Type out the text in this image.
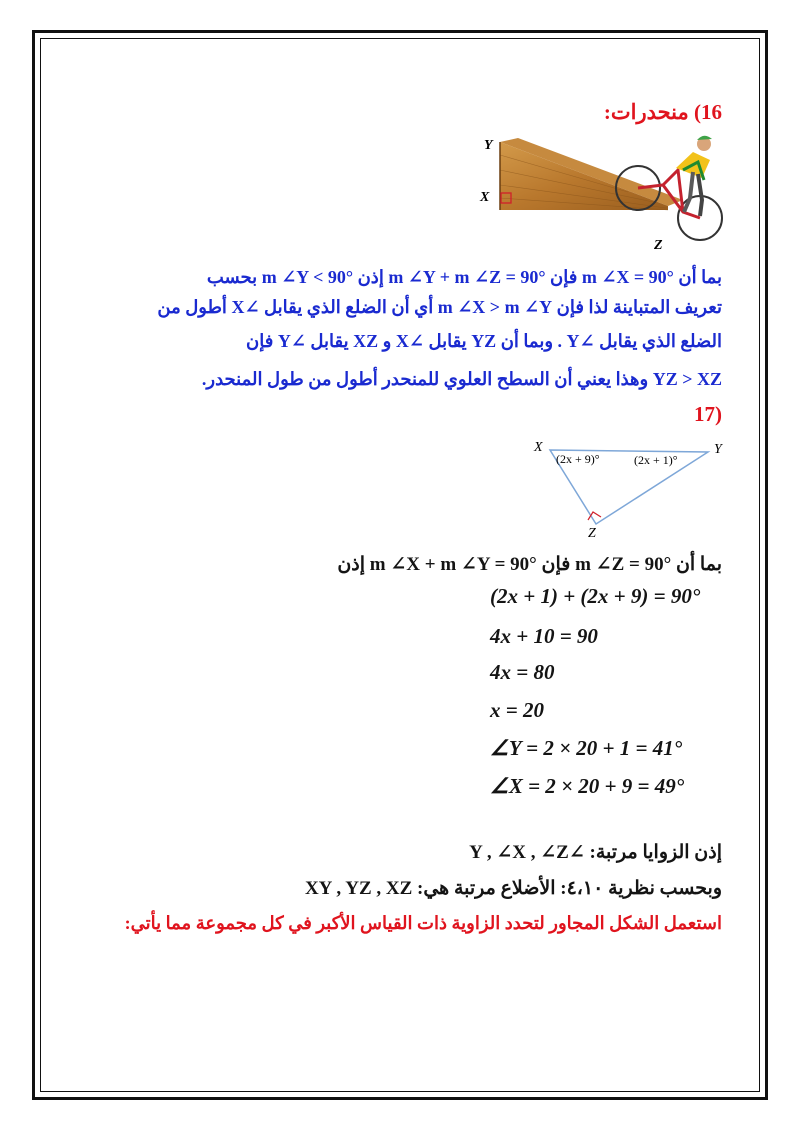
16) منحدرات:
Y
X
Z
بما أن m ∠X = 90° فإن m ∠Y + m ∠Z = 90° إذن m ∠Y < 90° بحسب
تعريف المتباينة لذا فإن m ∠X > m ∠Y أي أن الضلع الذي يقابل ∠X أطول من
الضلع الذي يقابل ∠Y . وبما أن YZ يقابل ∠X و XZ يقابل ∠Y فإن
YZ > XZ وهذا يعني أن السطح العلوي للمنحدر أطول من طول المنحدر.
(17
X	Y
Z
(2x + 9)°	(2x + 1)°
بما أن m ∠Z = 90° فإن m ∠X + m ∠Y = 90° إذن
(2x + 1) + (2x + 9) = 90°
4x + 10 = 90
4x = 80
x = 20
∠Y = 2 × 20 + 1 = 41°
∠X = 2 × 20 + 9 = 49°
إذن الزوايا مرتبة: ∠Y , ∠X , ∠Z
وبحسب نظرية ٤،١٠: الأضلاع مرتبة هي: XY , YZ , XZ
استعمل الشكل المجاور لتحدد الزاوية ذات القياس الأكبر في كل مجموعة مما يأتي:
